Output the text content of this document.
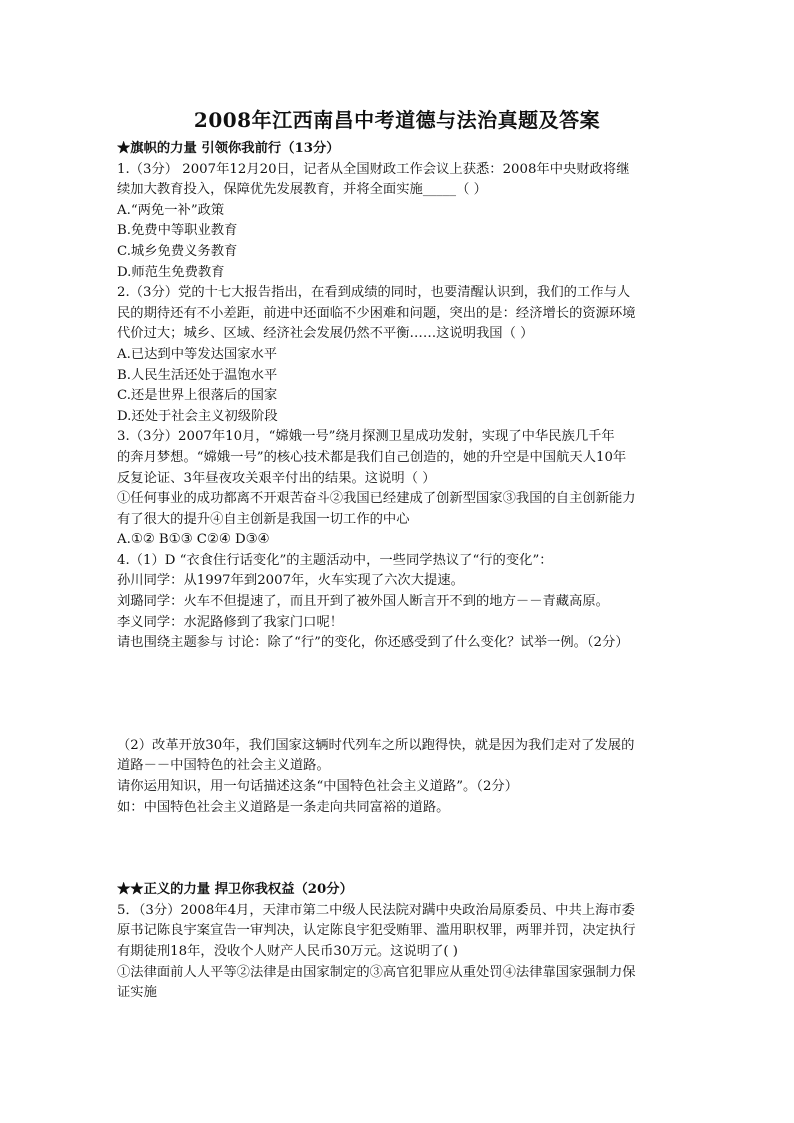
2008年江西南昌中考道德与法治真题及答案
★旗帜的力量 引领你我前行（13分）
1.（3分） 2007年12月20日，记者从全国财政工作会议上获悉：2008年中央财政将继
续加大教育投入，保障优先发展教育，并将全面实施_____（ ）
A.“两免一补”政策
B.免费中等职业教育
C.城乡免费义务教育
D.师范生免费教育
2.（3分）党的十七大报告指出，在看到成绩的同时，也要清醒认识到，我们的工作与人
民的期待还有不小差距，前进中还面临不少困难和问题，突出的是：经济增长的资源环境
代价过大；城乡、区域、经济社会发展仍然不平衡……这说明我国（ ）
A.已达到中等发达国家水平
B.人民生活还处于温饱水平
C.还是世界上很落后的国家
D.还处于社会主义初级阶段
3.（3分）2007年10月，“嫦娥一号”绕月探测卫星成功发射，实现了中华民族几千年
的奔月梦想。“嫦娥一号”的核心技术都是我们自己创造的，她的升空是中国航天人10年
反复论证、3年昼夜攻关艰辛付出的结果。这说明（ ）
①任何事业的成功都离不开艰苦奋斗②我国已经建成了创新型国家③我国的自主创新能力
有了很大的提升④自主创新是我国一切工作的中心
A.①② B①③ C②④ D③④
4.（1）D “衣食住行话变化”的主题活动中，一些同学热议了“行的变化”：
孙川同学：从1997年到2007年，火车实现了六次大提速。
刘璐同学：火车不但提速了，而且开到了被外国人断言开不到的地方－－青藏高原。
李义同学：水泥路修到了我家门口呢！
请也围绕主题参与 讨论：除了“行”的变化，你还感受到了什么变化？试举一例。（2分）
（2）改革开放30年，我们国家这辆时代列车之所以跑得快，就是因为我们走对了发展的
道路－－中国特色的社会主义道路。
请你运用知识，用一句话描述这条“中国特色社会主义道路”。（2分）
如：中国特色社会主义道路是一条走向共同富裕的道路。
★★正义的力量 捍卫你我权益（20分）
5．（3分）2008年4月，天津市第二中级人民法院对蹒中央政治局原委员、中共上海市委
原书记陈良宇案宣告一审判决，认定陈良宇犯受贿罪、滥用职权罪，两罪并罚，决定执行
有期徒刑18年，没收个人财产人民币30万元。这说明了( )
①法律面前人人平等②法律是由国家制定的③高官犯罪应从重处罚④法律靠国家强制力保
证实施
